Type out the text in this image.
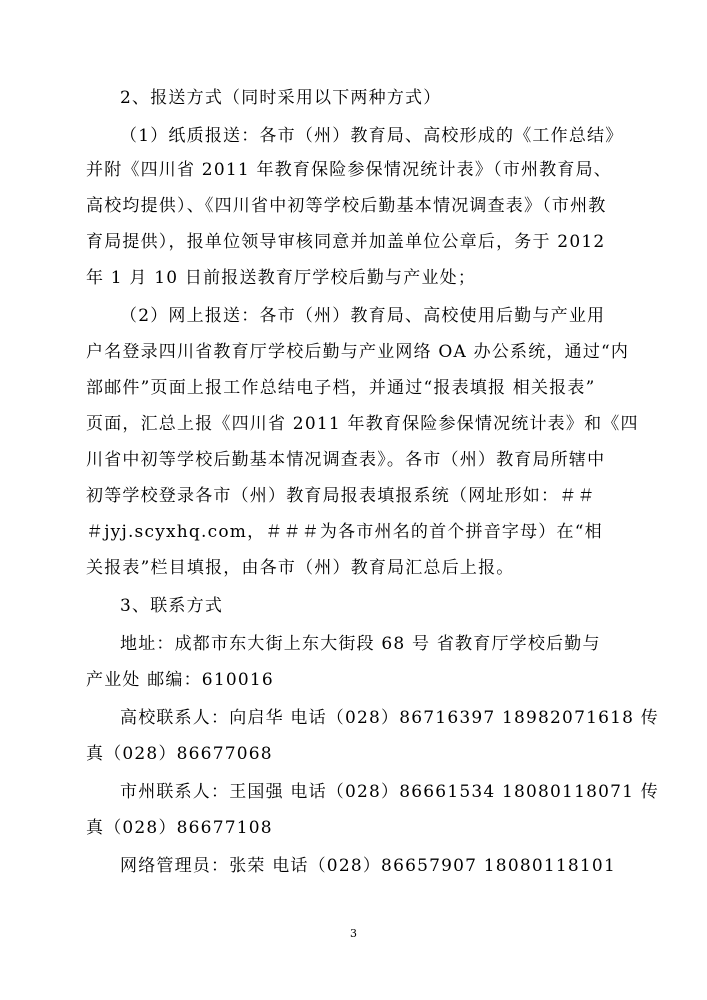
2、报送方式（同时采用以下两种方式）
（1）纸质报送：各市（州）教育局、高校形成的《工作总结》
并附《四川省 2011 年教育保险参保情况统计表》（市州教育局、
高校均提供）、《四川省中初等学校后勤基本情况调查表》（市州教
育局提供），报单位领导审核同意并加盖单位公章后，务于 2012
年 1 月 10 日前报送教育厅学校后勤与产业处；
（2）网上报送：各市（州）教育局、高校使用后勤与产业用
户名登录四川省教育厅学校后勤与产业网络 OA 办公系统，通过“内
部邮件”页面上报工作总结电子档，并通过“报表填报 相关报表”
页面，汇总上报《四川省 2011 年教育保险参保情况统计表》和《四
川省中初等学校后勤基本情况调查表》。各市（州）教育局所辖中
初等学校登录各市（州）教育局报表填报系统（网址形如：＃＃
＃jyj.scyxhq.com，＃＃＃为各市州名的首个拼音字母）在“相
关报表”栏目填报，由各市（州）教育局汇总后上报。
3、联系方式
地址：成都市东大街上东大街段 68 号 省教育厅学校后勤与
产业处 邮编：610016
高校联系人：向启华 电话（028）86716397 18982071618 传
真（028）86677068
市州联系人：王国强 电话（028）86661534 18080118071 传
真（028）86677108
网络管理员：张荣 电话（028）86657907 18080118101
3
